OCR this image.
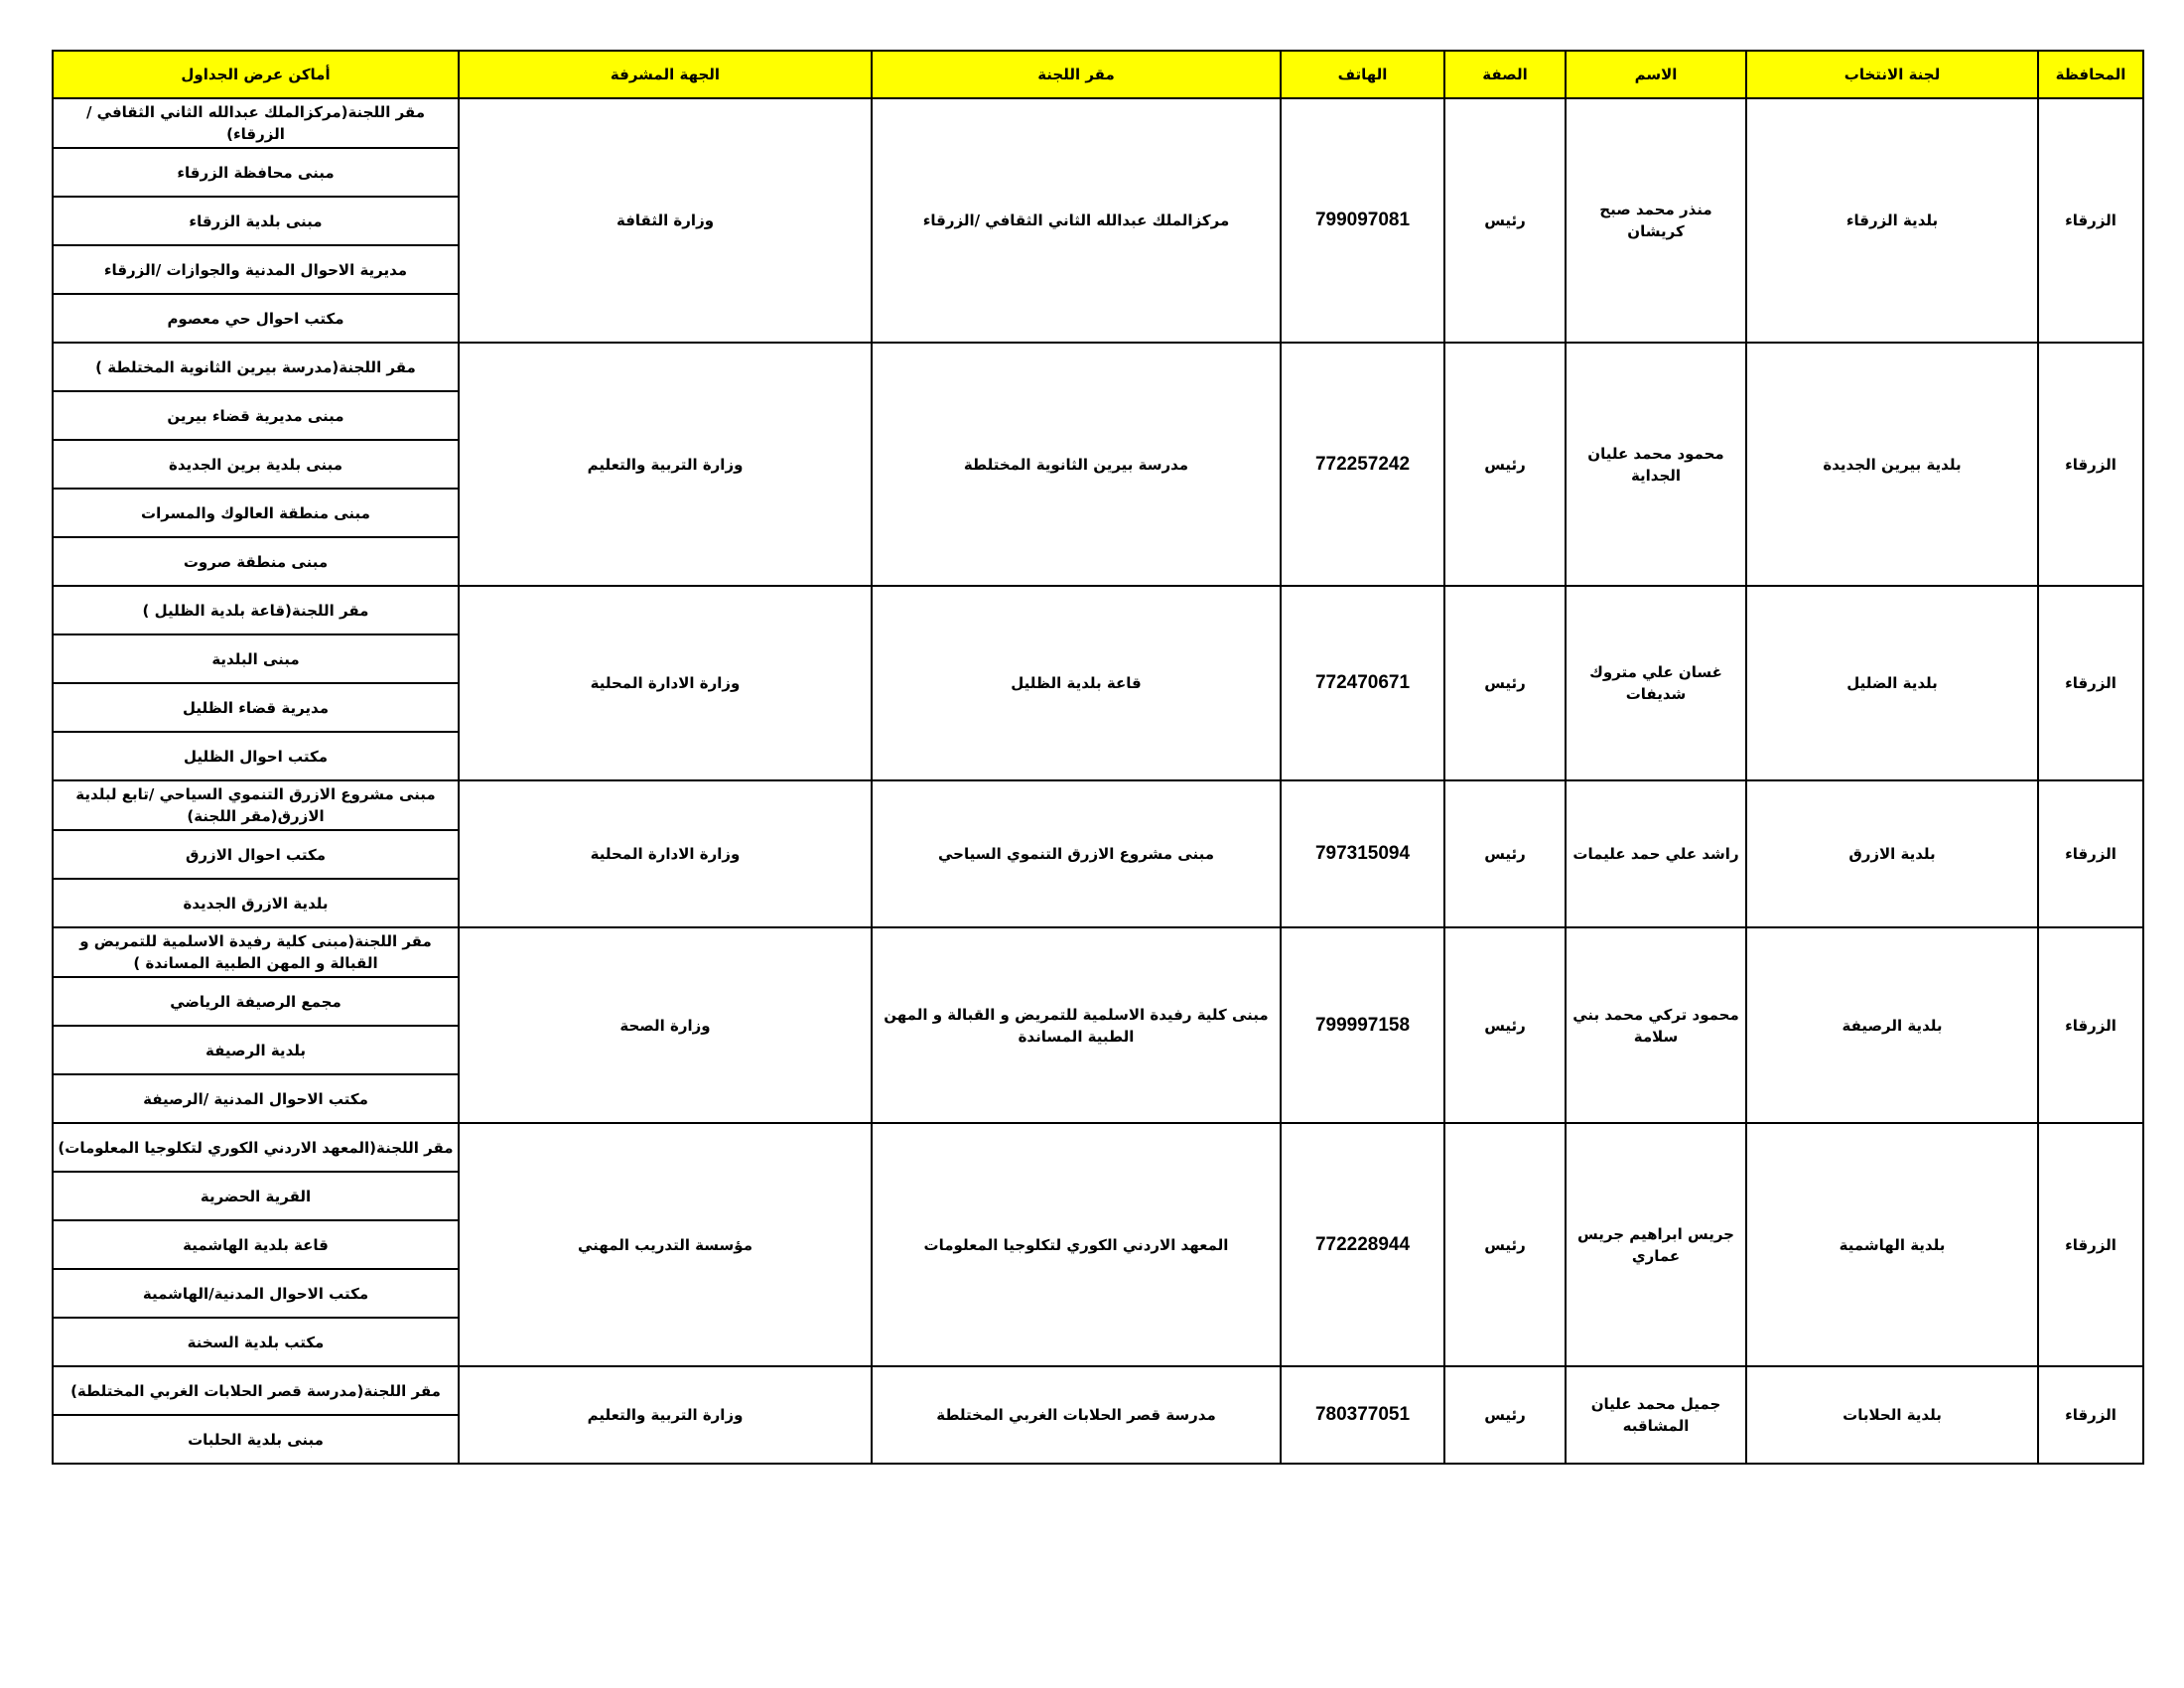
المحافظة	لجنة الانتخاب	الاسم	الصفة	الهاتف	مقر اللجنة	الجهة المشرفة	أماكن عرض الجداول
الزرقاء	بلدية الزرقاء	منذر محمد صبح كريشان	رئيس	799097081	مركزالملك عبدالله الثاني الثقافي /الزرقاء	وزارة الثقافة	مقر اللجنة(مركزالملك عبدالله الثاني الثقافي /الزرقاء)
							مبنى محافظة الزرقاء
							مبنى بلدية الزرقاء
							مديرية الاحوال المدنية والجوازات /الزرقاء
							مكتب احوال حي معصوم
الزرقاء	بلدية بيرين الجديدة	محمود محمد عليان الجداية	رئيس	772257242	مدرسة بيرين الثانوية المختلطة	وزارة التربية والتعليم	مقر اللجنة(مدرسة بيرين الثانوية المختلطة )
							مبنى مديرية قضاء بيرين
							مبنى بلدية برين الجديدة
							مبنى منطقة العالوك والمسرات
							مبنى منطقة صروت
الزرقاء	بلدية الضليل	غسان علي متروك شديفات	رئيس	772470671	قاعة بلدية الظليل	وزارة الادارة المحلية	مقر اللجنة(قاعة بلدية الظليل )
							مبنى البلدية
							مديرية قضاء الظليل
							مكتب احوال الظليل
الزرقاء	بلدية الازرق	راشد علي حمد عليمات	رئيس	797315094	مبنى مشروع الازرق التنموي السياحي	وزارة الادارة المحلية	مبنى مشروع الازرق التنموي السياحي /تابع لبلدية الازرق(مقر اللجنة)
							مكتب احوال الازرق
							بلدية الازرق الجديدة
الزرقاء	بلدية الرصيفة	محمود تركي محمد بني سلامة	رئيس	799997158	مبنى كلية رفيدة الاسلمية للتمريض و القبالة و المهن الطبية المساندة	وزارة الصحة	مقر اللجنة(مبنى كلية رفيدة الاسلمية للتمريض و القبالة و المهن الطبية المساندة )
							مجمع الرصيفة الرياضي
							بلدية الرصيفة
							مكتب الاحوال المدنية /الرصيفة
الزرقاء	بلدية الهاشمية	جريس ابراهيم جريس عماري	رئيس	772228944	المعهد الاردني الكوري لتكلوجيا المعلومات	مؤسسة التدريب المهني	مقر اللجنة(المعهد الاردني الكوري لتكلوجيا المعلومات)
							القرية الحضرية
							قاعة بلدية الهاشمية
							مكتب الاحوال المدنية/الهاشمية
							مكتب بلدية السخنة
الزرقاء	بلدية الحلابات	جميل محمد عليان المشاقبه	رئيس	780377051	مدرسة قصر الحلابات الغربي المختلطة	وزارة التربية والتعليم	مقر اللجنة(مدرسة قصر الحلابات الغربي المختلطة)
							مبنى بلدية الحلبات
